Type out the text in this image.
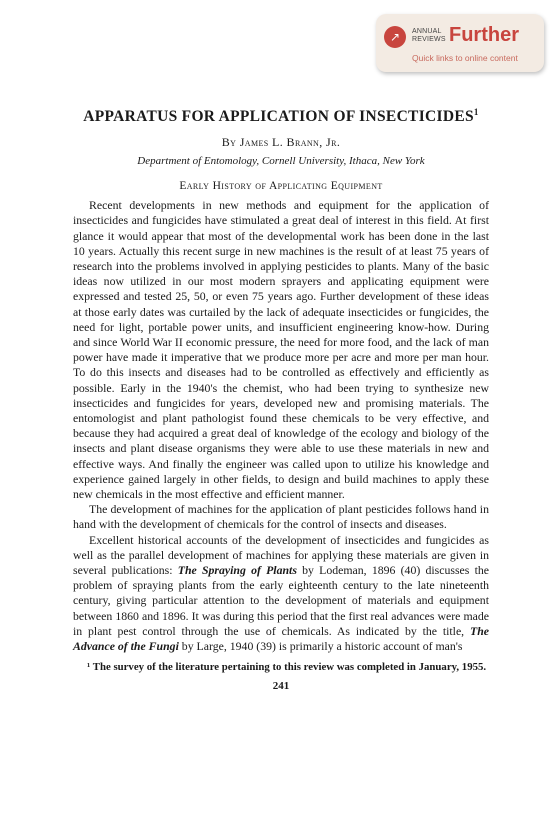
↗	ANNUAL
REVIEWS Further
Quick links to online content
APPARATUS FOR APPLICATION OF INSECTICIDES$^1$
By James L. Brann, Jr.
Department of Entomology, Cornell University, Ithaca, New York
Early History of Applicating Equipment

Recent developments in new methods and equipment for the application of insecticides and fungicides have stimulated a great deal of interest in this field. At first glance it would appear that most of the developmental work has been done in the last 10 years. Actually this recent surge in new machines is the result of at least 75 years of research into the problems involved in applying pesticides to plants. Many of the basic ideas now utilized in our most modern sprayers and applicating equipment were expressed and tested 25, 50, or even 75 years ago. Further development of these ideas at those early dates was curtailed by the lack of adequate insecticides or fungicides, the need for light, portable power units, and insufficient engineering know-how. During and since World War II economic pressure, the need for more food, and the lack of man power have made it imperative that we produce more per acre and more per man hour. To do this insects and diseases had to be controlled as effectively and efficiently as possible. Early in the 1940's the chemist, who had been trying to synthesize new insecticides and fungicides for years, developed new and promising materials. The entomologist and plant pathologist found these chemicals to be very effective, and because they had acquired a great deal of knowledge of the ecology and biology of the insects and plant disease organisms they were able to use these materials in new and effective ways. And finally the engineer was called upon to utilize his knowledge and experience gained largely in other fields, to design and build machines to apply these new chemicals in the most effective and efficient manner.

The development of machines for the application of plant pesticides follows hand in hand with the development of chemicals for the control of insects and diseases.

Excellent historical accounts of the development of insecticides and fungicides as well as the parallel development of machines for applying these materials are given in several publications: The Spraying of Plants by Lodeman, 1896 (40) discusses the problem of spraying plants from the early eighteenth century to the late nineteenth century, giving particular attention to the development of materials and equipment between 1860 and 1896. It was during this period that the first real advances were made in plant pest control through the use of chemicals. As indicated by the title, The Advance of the Fungi by Large, 1940 (39) is primarily a historic account of man's

¹ The survey of the literature pertaining to this review was completed in January, 1955.
241
